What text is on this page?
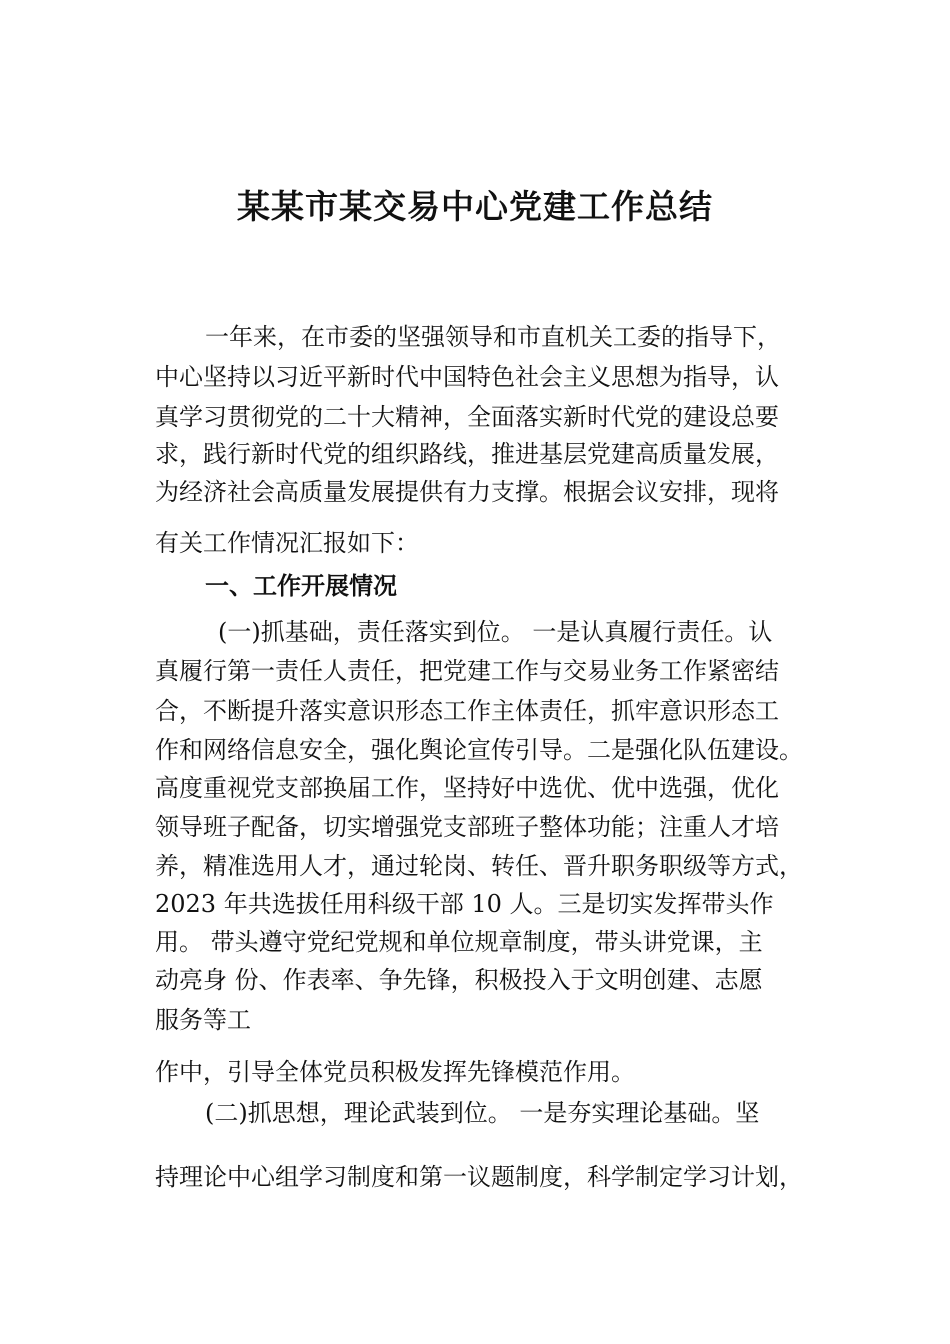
某某市某交易中心党建工作总结
一年来，在市委的坚强领导和市直机关工委的指导下，
中心坚持以习近平新时代中国特色社会主义思想为指导，认
真学习贯彻党的二十大精神，全面落实新时代党的建设总要
求，践行新时代党的组织路线，推进基层党建高质量发展，
为经济社会高质量发展提供有力支撑。根据会议安排，现将
有关工作情况汇报如下：
一、工作开展情况
(一)抓基础，责任落实到位。 一是认真履行责任。认
真履行第一责任人责任，把党建工作与交易业务工作紧密结
合，不断提升落实意识形态工作主体责任，抓牢意识形态工
作和网络信息安全，强化舆论宣传引导。二是强化队伍建设。
高度重视党支部换届工作，坚持好中选优、优中选强，优化
领导班子配备，切实增强党支部班子整体功能；注重人才培
养，精准选用人才，通过轮岗、转任、晋升职务职级等方式，
2023 年共选拔任用科级干部 10 人。三是切实发挥带头作
用。 带头遵守党纪党规和单位规章制度，带头讲党课，主
动亮身 份、作表率、争先锋，积极投入于文明创建、志愿
服务等工
作中，引导全体党员积极发挥先锋模范作用。
(二)抓思想，理论武装到位。 一是夯实理论基础。坚
持理论中心组学习制度和第一议题制度，科学制定学习计划，
